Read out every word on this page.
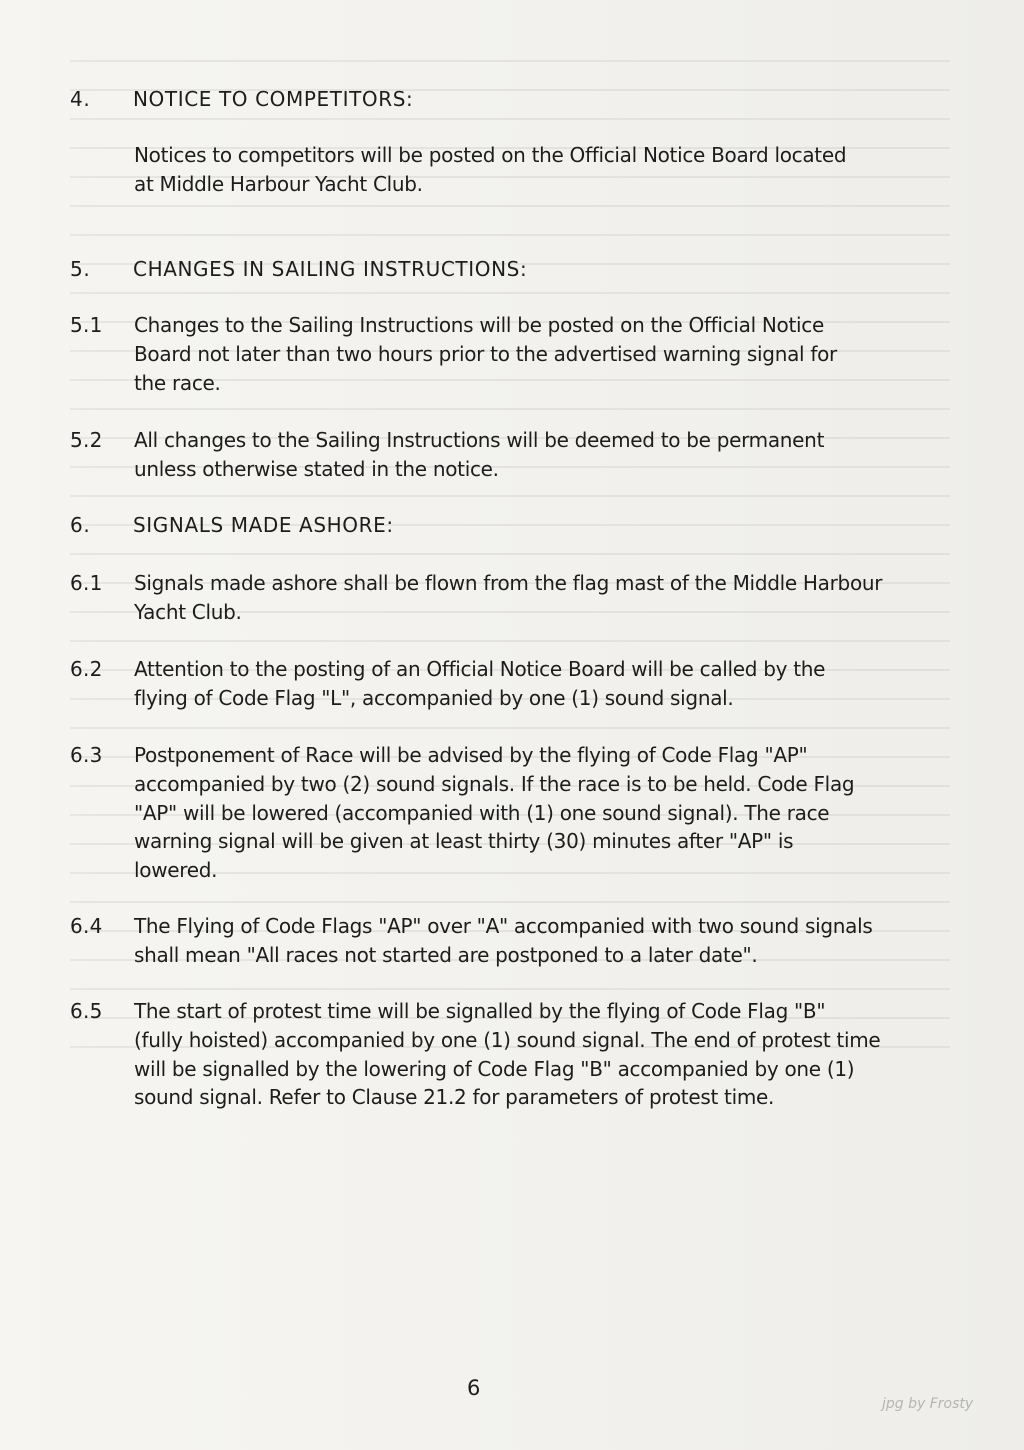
4. NOTICE TO COMPETITORS:
Notices to competitors will be posted on the Official Notice Board located
at Middle Harbour Yacht Club.
5. CHANGES IN SAILING INSTRUCTIONS:
5.1 Changes to the Sailing Instructions will be posted on the Official Notice
Board not later than two hours prior to the advertised warning signal for
the race.
5.2 All changes to the Sailing Instructions will be deemed to be permanent
unless otherwise stated in the notice.
6. SIGNALS MADE ASHORE:
6.1 Signals made ashore shall be flown from the flag mast of the Middle Harbour
Yacht Club.
6.2 Attention to the posting of an Official Notice Board will be called by the
flying of Code Flag "L", accompanied by one (1) sound signal.
6.3 Postponement of Race will be advised by the flying of Code Flag "AP"
accompanied by two (2) sound signals. If the race is to be held. Code Flag
"AP" will be lowered (accompanied with (1) one sound signal). The race
warning signal will be given at least thirty (30) minutes after "AP" is
lowered.
6.4 The Flying of Code Flags "AP" over "A" accompanied with two sound signals
shall mean "All races not started are postponed to a later date".
6.5 The start of protest time will be signalled by the flying of Code Flag "B"
(fully hoisted) accompanied by one (1) sound signal. The end of protest time
will be signalled by the lowering of Code Flag "B" accompanied by one (1)
sound signal. Refer to Clause 21.2 for parameters of protest time.
6
jpg by Frosty
